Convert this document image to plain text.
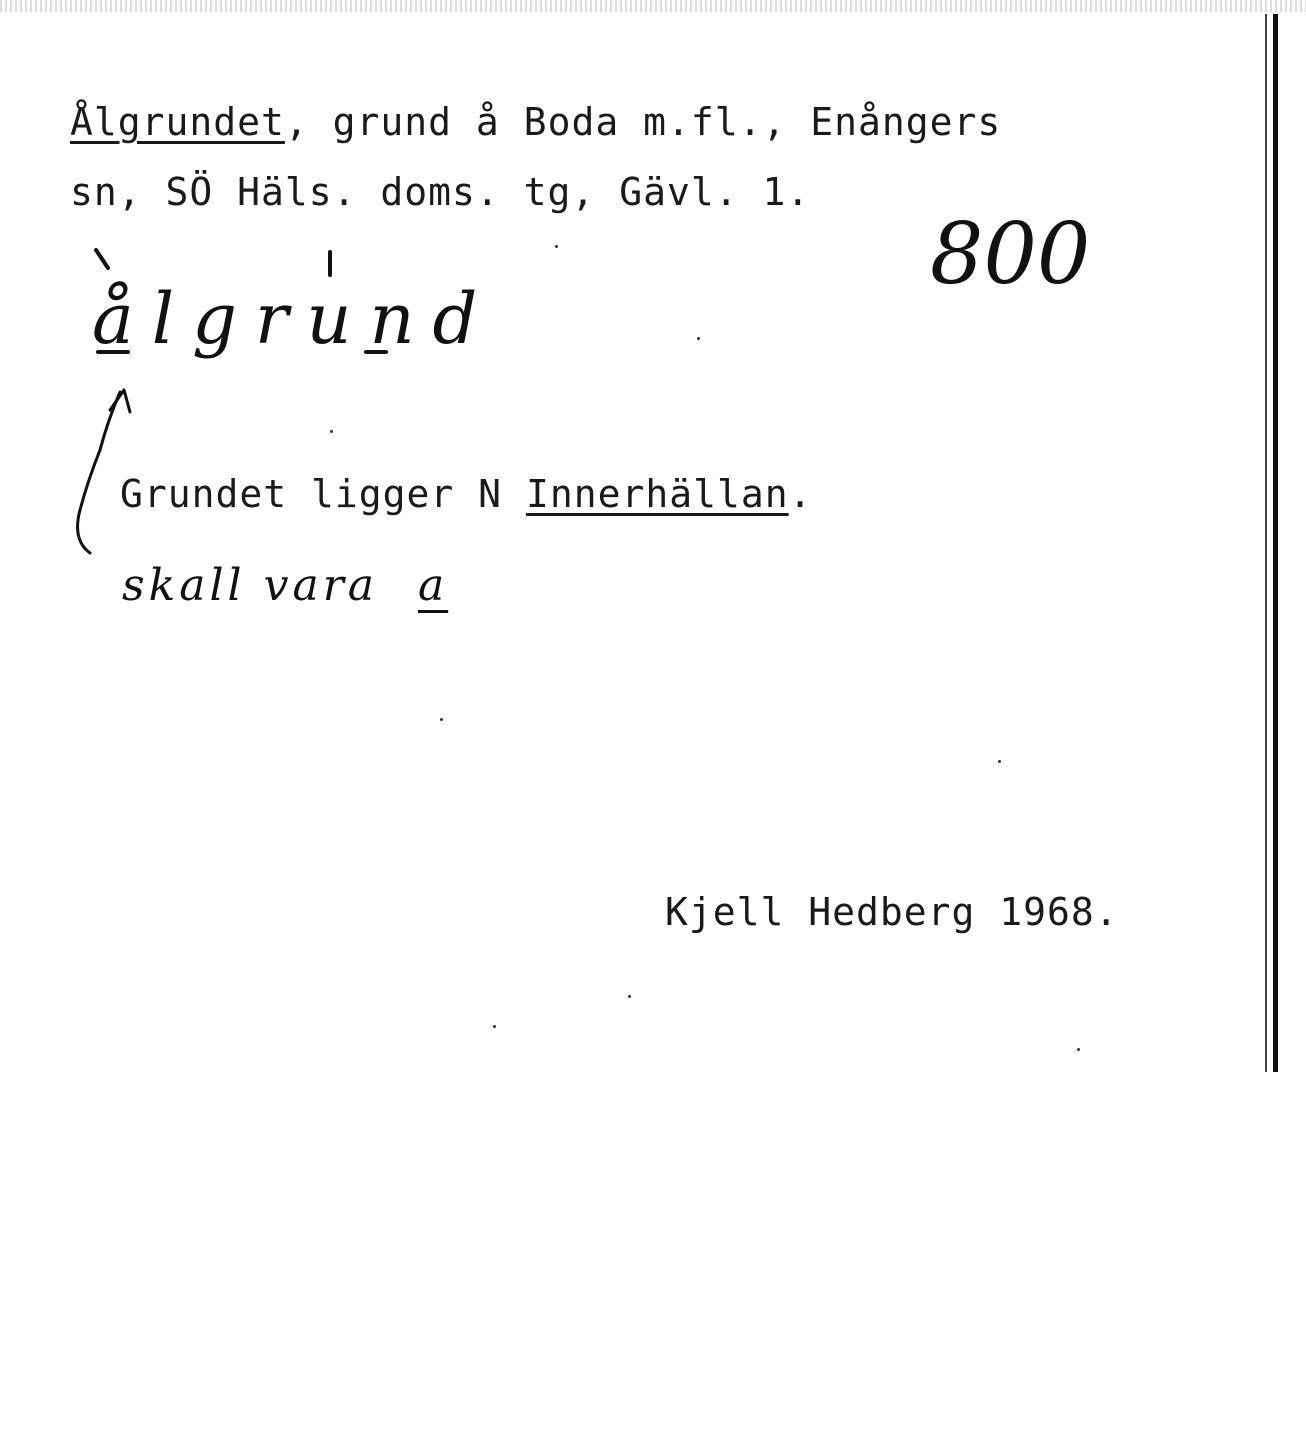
Ålgrundet, grund å Boda m.fl., Enångers
sn, SÖ Häls. doms. tg, Gävl. 1.
800
ålgrund
Grundet ligger N Innerhällan.
skall vara a
Kjell Hedberg 1968.
